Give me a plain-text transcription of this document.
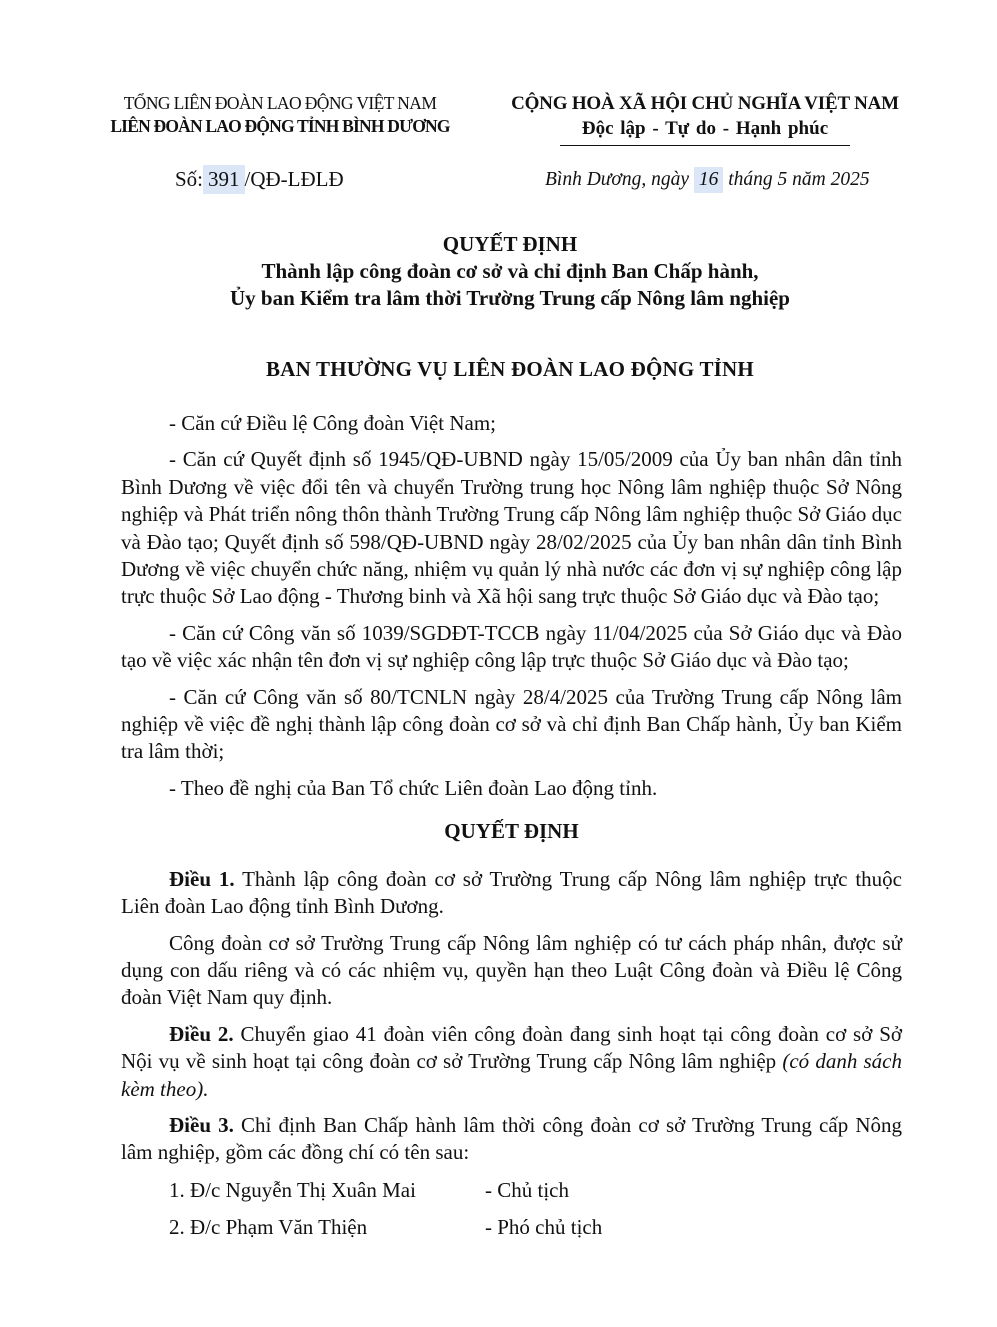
TỔNG LIÊN ĐOÀN LAO ĐỘNG VIỆT NAM
LIÊN ĐOÀN LAO ĐỘNG TỈNH BÌNH DƯƠNG
CỘNG HOÀ XÃ HỘI CHỦ NGHĨA VIỆT NAM
Độc lập - Tự do - Hạnh phúc
Số: 391 /QĐ-LĐLĐ	Bình Dương, ngày 16 tháng 5 năm 2025
QUYẾT ĐỊNH
Thành lập công đoàn cơ sở và chỉ định Ban Chấp hành,
Ủy ban Kiểm tra lâm thời Trường Trung cấp Nông lâm nghiệp
BAN THƯỜNG VỤ LIÊN ĐOÀN LAO ĐỘNG TỈNH

- Căn cứ Điều lệ Công đoàn Việt Nam;

- Căn cứ Quyết định số 1945/QĐ-UBND ngày 15/05/2009 của Ủy ban nhân dân tỉnh Bình Dương về việc đổi tên và chuyển Trường trung học Nông lâm nghiệp thuộc Sở Nông nghiệp và Phát triển nông thôn thành Trường Trung cấp Nông lâm nghiệp thuộc Sở Giáo dục và Đào tạo; Quyết định số 598/QĐ-UBND ngày 28/02/2025 của Ủy ban nhân dân tỉnh Bình Dương về việc chuyển chức năng, nhiệm vụ quản lý nhà nước các đơn vị sự nghiệp công lập trực thuộc Sở Lao động - Thương binh và Xã hội sang trực thuộc Sở Giáo dục và Đào tạo;

- Căn cứ Công văn số 1039/SGDĐT-TCCB ngày 11/04/2025 của Sở Giáo dục và Đào tạo về việc xác nhận tên đơn vị sự nghiệp công lập trực thuộc Sở Giáo dục và Đào tạo;

- Căn cứ Công văn số 80/TCNLN ngày 28/4/2025 của Trường Trung cấp Nông lâm nghiệp về việc đề nghị thành lập công đoàn cơ sở và chỉ định Ban Chấp hành, Ủy ban Kiểm tra lâm thời;

- Theo đề nghị của Ban Tổ chức Liên đoàn Lao động tỉnh.

QUYẾT ĐỊNH

Điều 1. Thành lập công đoàn cơ sở Trường Trung cấp Nông lâm nghiệp trực thuộc Liên đoàn Lao động tỉnh Bình Dương.

Công đoàn cơ sở Trường Trung cấp Nông lâm nghiệp có tư cách pháp nhân, được sử dụng con dấu riêng và có các nhiệm vụ, quyền hạn theo Luật Công đoàn và Điều lệ Công đoàn Việt Nam quy định.

Điều 2. Chuyển giao 41 đoàn viên công đoàn đang sinh hoạt tại công đoàn cơ sở Sở Nội vụ về sinh hoạt tại công đoàn cơ sở Trường Trung cấp Nông lâm nghiệp (có danh sách kèm theo).

Điều 3. Chỉ định Ban Chấp hành lâm thời công đoàn cơ sở Trường Trung cấp Nông lâm nghiệp, gồm các đồng chí có tên sau:

1. Đ/c Nguyễn Thị Xuân Mai	- Chủ tịch
2. Đ/c Phạm Văn Thiện	- Phó chủ tịch
